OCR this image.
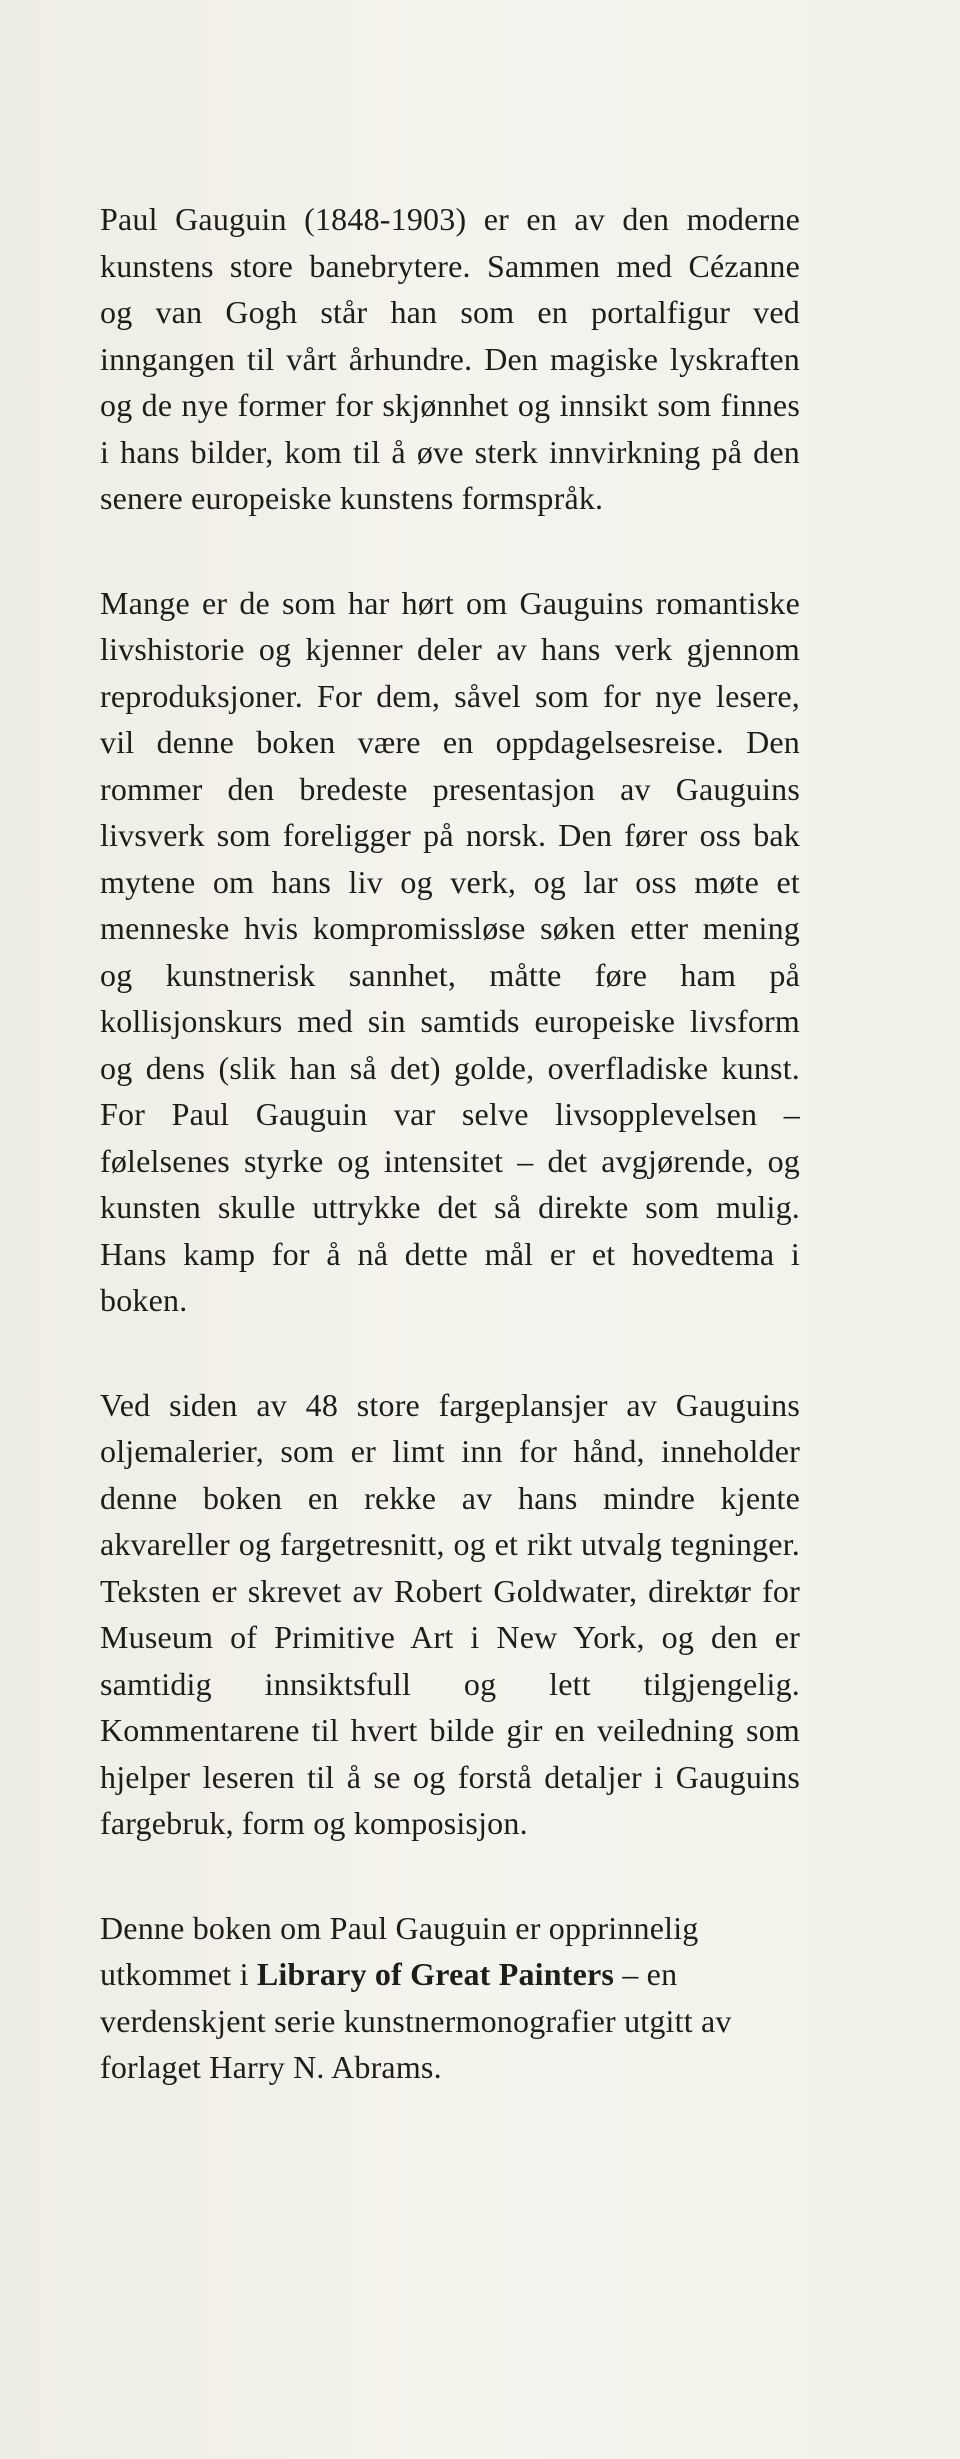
Paul Gauguin (1848-1903) er en av den moderne kunstens store banebrytere. Sammen med Cézanne og van Gogh står han som en portalfigur ved inngangen til vårt århundre. Den magiske lyskraften og de nye former for skjønnhet og innsikt som finnes i hans bilder, kom til å øve sterk innvirkning på den senere europeiske kunstens formspråk.

Mange er de som har hørt om Gauguins romantiske livshistorie og kjenner deler av hans verk gjennom reproduksjoner. For dem, såvel som for nye lesere, vil denne boken være en oppdagelsesreise. Den rommer den bredeste presentasjon av Gauguins livsverk som foreligger på norsk. Den fører oss bak mytene om hans liv og verk, og lar oss møte et menneske hvis kompromissløse søken etter mening og kunstnerisk sannhet, måtte føre ham på kollisjonskurs med sin samtids europeiske livsform og dens (slik han så det) golde, overfladiske kunst. For Paul Gauguin var selve livsopplevelsen – følelsenes styrke og intensitet – det avgjørende, og kunsten skulle uttrykke det så direkte som mulig. Hans kamp for å nå dette mål er et hovedtema i boken.

Ved siden av 48 store fargeplansjer av Gauguins oljemalerier, som er limt inn for hånd, inneholder denne boken en rekke av hans mindre kjente akvareller og fargetresnitt, og et rikt utvalg tegninger. Teksten er skrevet av Robert Goldwater, direktør for Museum of Primitive Art i New York, og den er samtidig innsiktsfull og lett tilgjengelig. Kommentarene til hvert bilde gir en veiledning som hjelper leseren til å se og forstå detaljer i Gauguins fargebruk, form og komposisjon.

Denne boken om Paul Gauguin er opprinnelig utkommet i Library of Great Painters – en verdenskjent serie kunstnermonografier utgitt av forlaget Harry N. Abrams.
